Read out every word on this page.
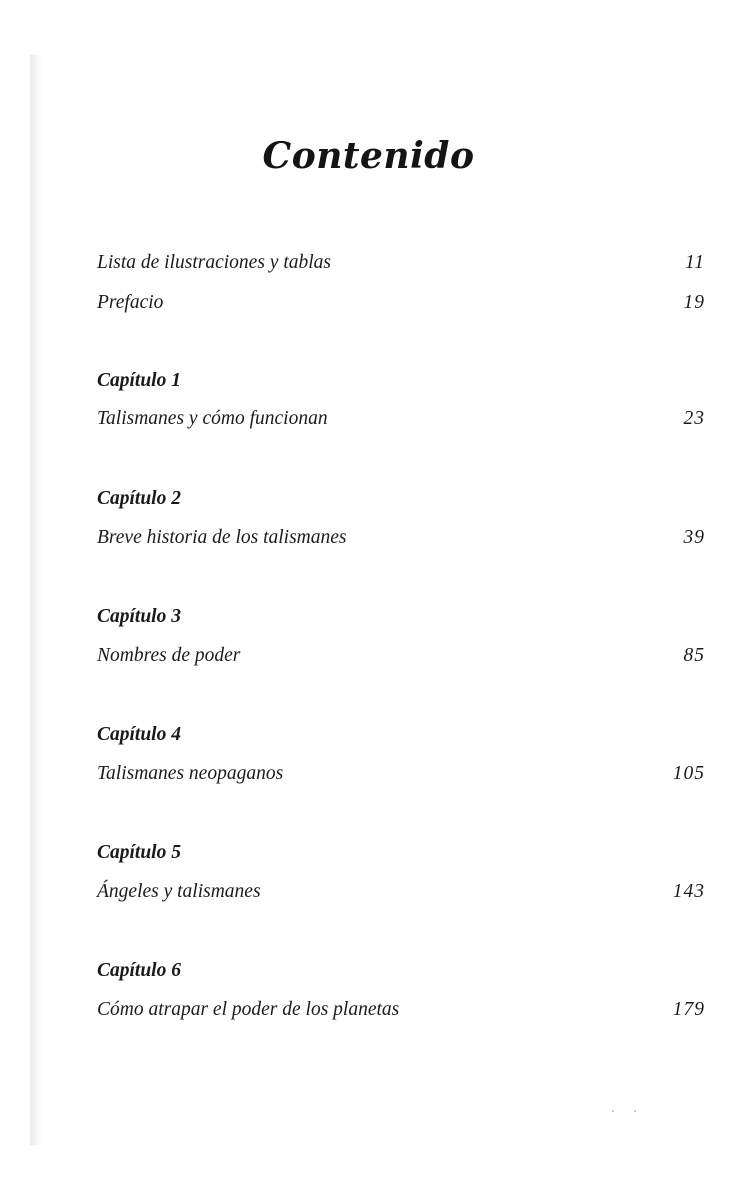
Contenido
Lista de ilustraciones y tablas	11
Prefacio	19
Capítulo 1
Talismanes y cómo funcionan	23
Capítulo 2
Breve historia de los talismanes	39
Capítulo 3
Nombres de poder	85
Capítulo 4
Talismanes neopaganos	105
Capítulo 5
Ángeles y talismanes	143
Capítulo 6
Cómo atrapar el poder de los planetas	179
